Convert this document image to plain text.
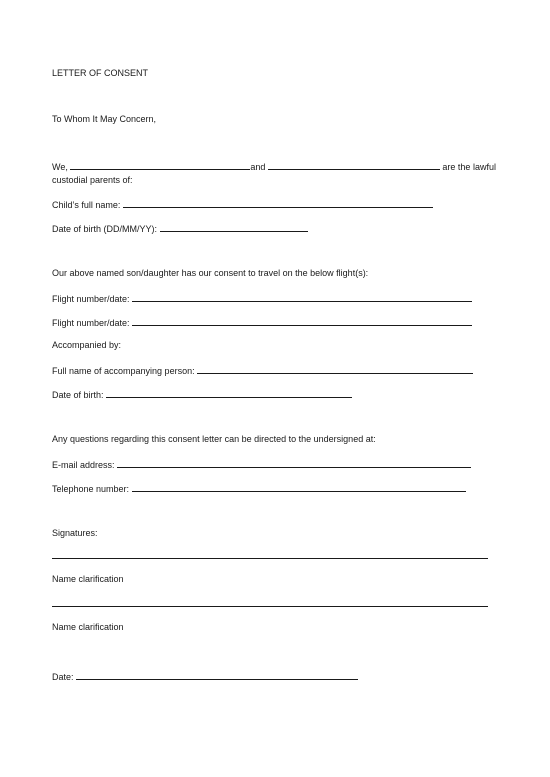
LETTER OF CONSENT
To Whom It May Concern,
We,	and	are the lawful
custodial parents of:
Child’s full name:
Date of birth (DD/MM/YY):
Our above named son/daughter has our consent to travel on the below flight(s):
Flight number/date:
Flight number/date:
Accompanied by:
Full name of accompanying person:
Date of birth:
Any questions regarding this consent letter can be directed to the undersigned at:
E-mail address:
Telephone number:
Signatures:
Name clarification
Name clarification
Date:
